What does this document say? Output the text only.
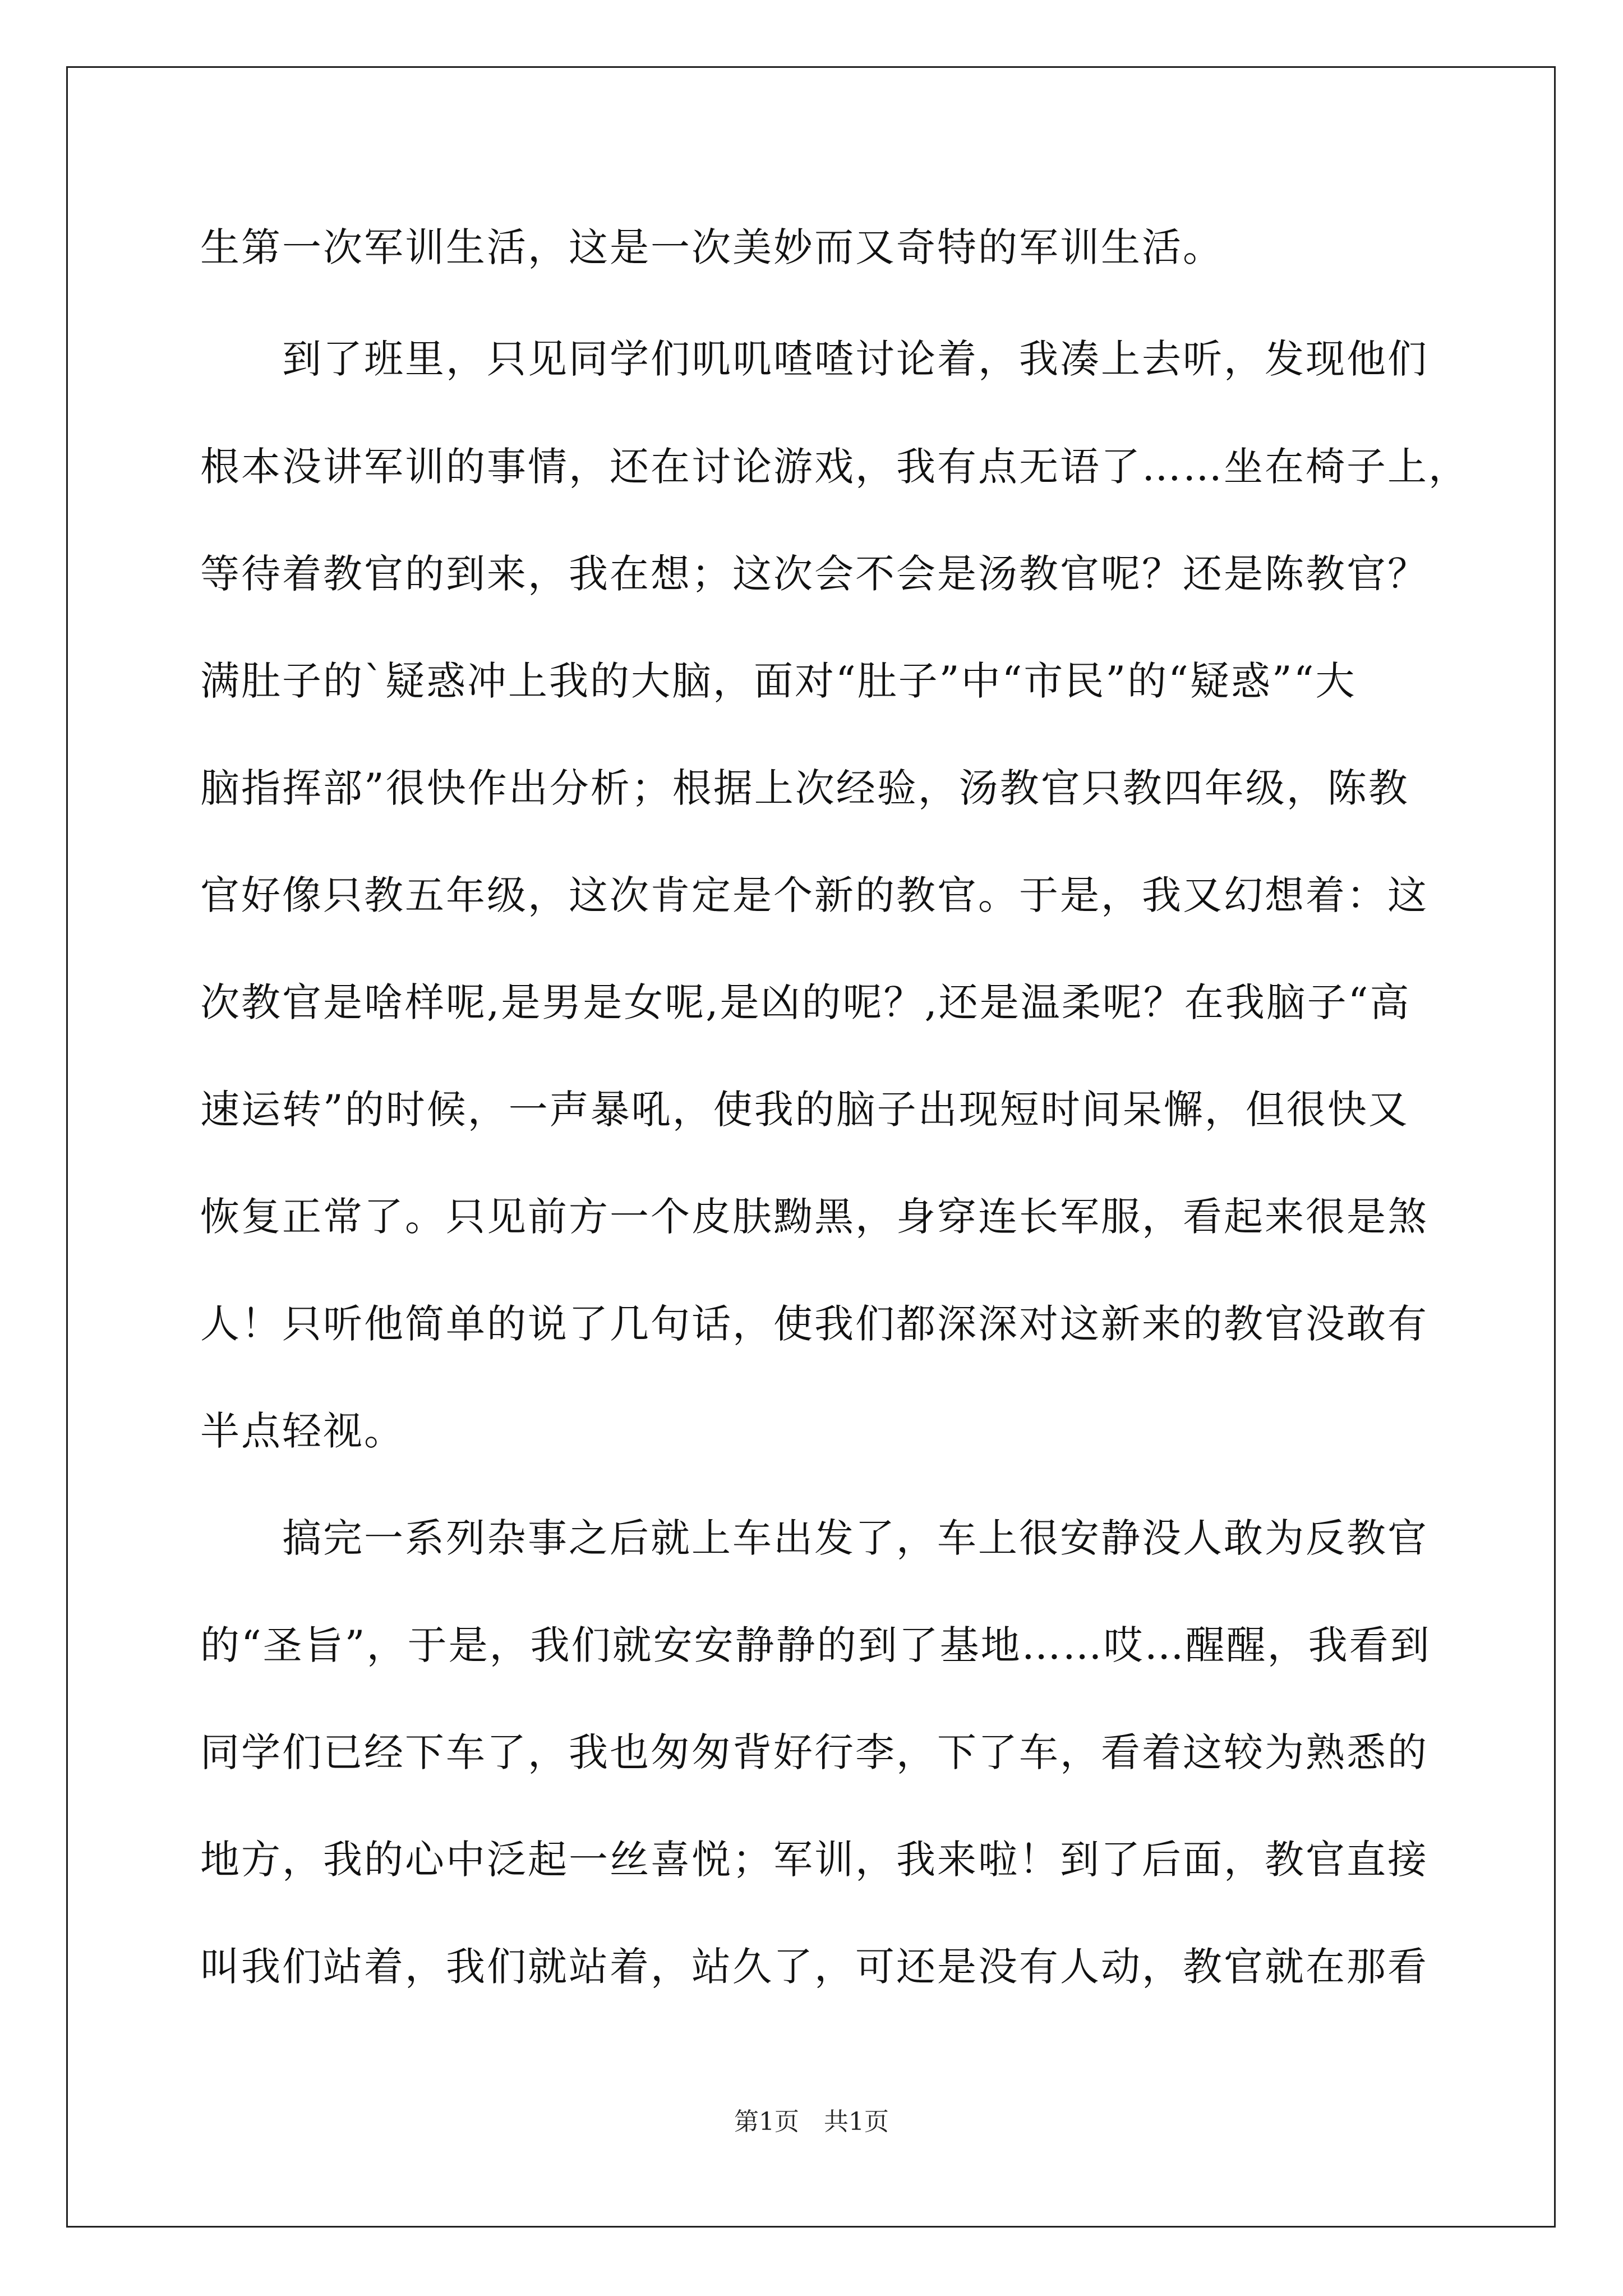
生第一次军训生活，这是一次美妙而又奇特的军训生活。
　　到了班里，只见同学们叽叽喳喳讨论着，我凑上去听，发现他们
根本没讲军训的事情，还在讨论游戏，我有点无语了……坐在椅子上，
等待着教官的到来，我在想；这次会不会是汤教官呢？还是陈教官？
满肚子的`疑惑冲上我的大脑，面对“肚子”中“市民”的“疑惑”“大
脑指挥部”很快作出分析；根据上次经验，汤教官只教四年级，陈教
官好像只教五年级，这次肯定是个新的教官。于是，我又幻想着：这
次教官是啥样呢,是男是女呢,是凶的呢？,还是温柔呢？在我脑子“高
速运转”的时候，一声暴吼，使我的脑子出现短时间呆懈，但很快又
恢复正常了。只见前方一个皮肤黝黑，身穿连长军服，看起来很是煞
人！只听他简单的说了几句话，使我们都深深对这新来的教官没敢有
半点轻视。
　　搞完一系列杂事之后就上车出发了，车上很安静没人敢为反教官
的“圣旨”，于是，我们就安安静静的到了基地……哎…醒醒，我看到
同学们已经下车了，我也匆匆背好行李，下了车，看着这较为熟悉的
地方，我的心中泛起一丝喜悦；军训，我来啦！到了后面，教官直接
叫我们站着，我们就站着，站久了，可还是没有人动，教官就在那看
第1页　共1页
